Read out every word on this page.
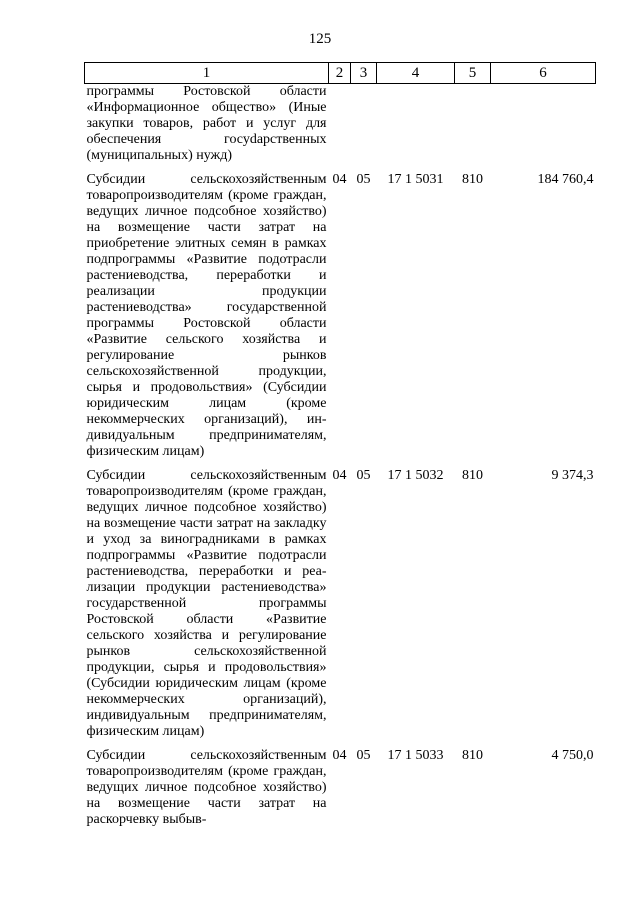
125
1	2	3	4	5	6
программы Ростовской области «Информационное общество» (Иные закупки товаров, работ и услуг для обеспечения госуdарственных (муниципальных) нужд)					

Субсидии сельскохозяйственным товаропроизводителям (кроме граждан, ведущих личное подсобное хозяйство) на возмещение части затрат на приобретение элитных семян в рамках подпрограммы «Развитие подотрасли растениеводства, переработки и реализации продукции растениеводства» государственной программы Ростовской области «Развитие сельского хозяйства и регулирование рынков сельскохозяйственной продукции, сырья и продовольствия» (Субсидии юридическим лицам (кроме некоммерческих организаций), индивидуальным предпринимателям, физическим лицам)	04	05	17 1 5031	810	184 760,4

Субсидии сельскохозяйственным товаропроизводителям (кроме граждан, ведущих личное подсобное хозяйство) на возмещение части затрат на закладку и уход за виноградниками в рамках подпрограммы «Развитие подотрасли растениеводства, переработки и реализации продукции растениеводства» государственной программы Ростовской области «Развитие сельского хозяйства и регулирование рынков сельскохозяйственной продукции, сырья и продовольствия» (Субсидии юридическим лицам (кроме некоммерческих организаций), индивидуальным предпринимателям, физическим лицам)	04	05	17 1 5032	810	9 374,3

Субсидии сельскохозяйственным товаропроизводителям (кроме граждан, ведущих личное подсобное хозяйство) на возмещение части затрат на раскорчевку выбыв-	04	05	17 1 5033	810	4 750,0
